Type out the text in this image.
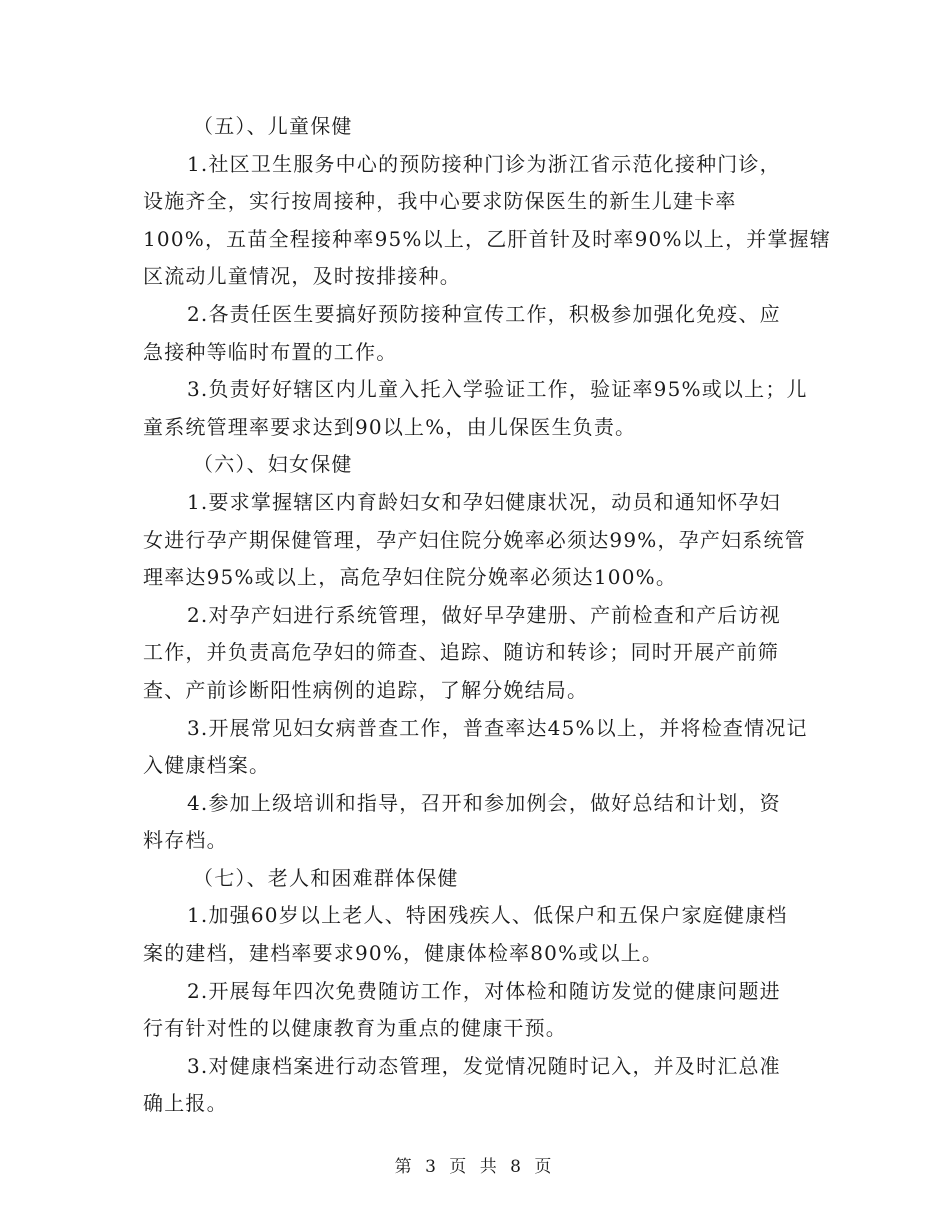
（五）、儿童保健
1.社区卫生服务中心的预防接种门诊为浙江省示范化接种门诊，
设施齐全，实行按周接种，我中心要求防保医生的新生儿建卡率
100%，五苗全程接种率95%以上，乙肝首针及时率90%以上，并掌握辖
区流动儿童情况，及时按排接种。
2.各责任医生要搞好预防接种宣传工作，积极参加强化免疫、应
急接种等临时布置的工作。
3.负责好好辖区内儿童入托入学验证工作，验证率95%或以上；儿
童系统管理率要求达到90以上%，由儿保医生负责。
（六）、妇女保健
1.要求掌握辖区内育龄妇女和孕妇健康状况，动员和通知怀孕妇
女进行孕产期保健管理，孕产妇住院分娩率必须达99%，孕产妇系统管
理率达95%或以上，高危孕妇住院分娩率必须达100%。
2.对孕产妇进行系统管理，做好早孕建册、产前检查和产后访视
工作，并负责高危孕妇的筛查、追踪、随访和转诊；同时开展产前筛
查、产前诊断阳性病例的追踪，了解分娩结局。
3.开展常见妇女病普查工作，普查率达45%以上，并将检查情况记
入健康档案。
4.参加上级培训和指导，召开和参加例会，做好总结和计划，资
料存档。
（七）、老人和困难群体保健
1.加强60岁以上老人、特困残疾人、低保户和五保户家庭健康档
案的建档，建档率要求90%，健康体检率80%或以上。
2.开展每年四次免费随访工作，对体检和随访发觉的健康问题进
行有针对性的以健康教育为重点的健康干预。
3.对健康档案进行动态管理，发觉情况随时记入，并及时汇总准
确上报。
第 3 页 共 8 页
